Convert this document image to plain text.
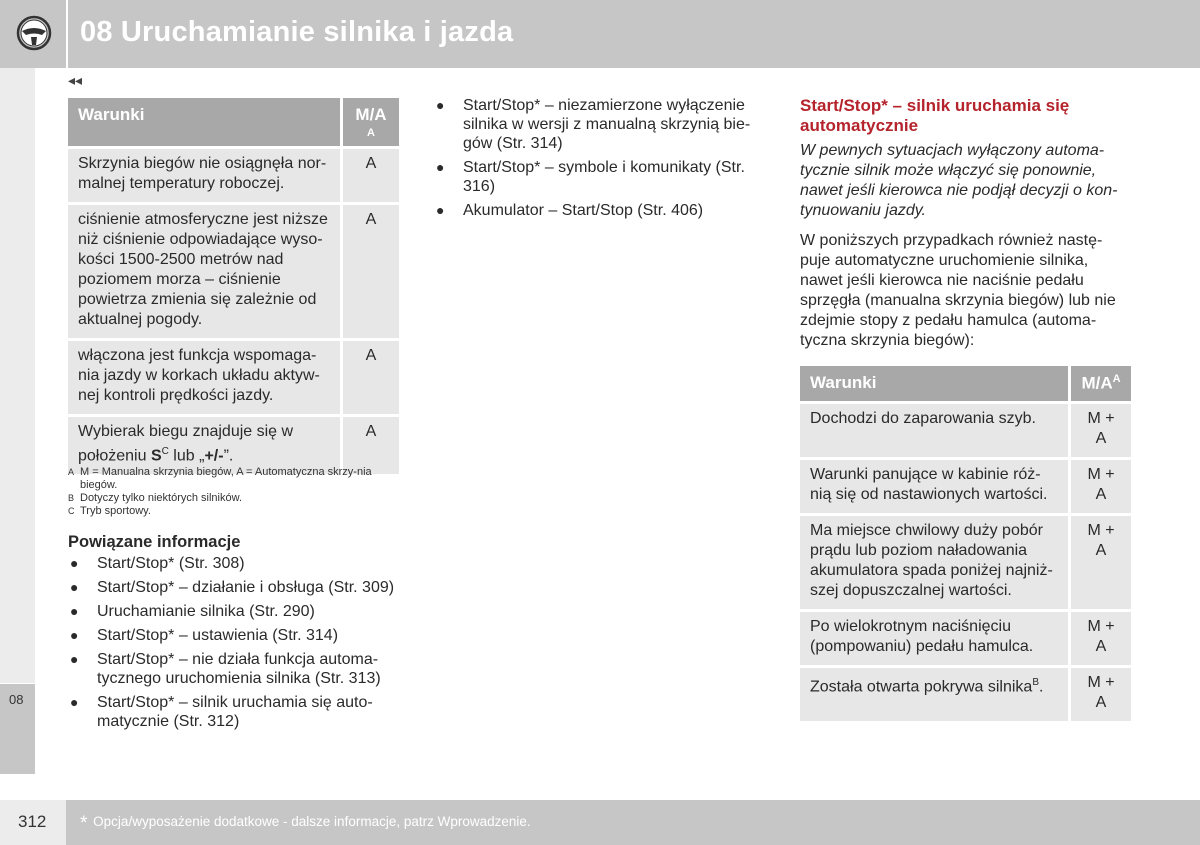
08 Uruchamianie silnika i jazda
◂◂
08
Warunki	M/A
A

Skrzynia biegów nie osiągnęła nor-malnej temperatury roboczej.	A
ciśnienie atmosferyczne jest niższe niż ciśnienie odpowiadające wyso-kości 1500-2500 metrów nad poziomem morza – ciśnienie powietrza zmienia się zależnie od aktualnej pogody.	A
włączona jest funkcja wspomaga-nia jazdy w korkach układu aktyw-nej kontroli prędkości jazdy.	A
Wybierak biegu znajduje się w położeniu $S^C$ lub „+/-”.	A
A M = Manualna skrzynia biegów, A = Automatyczna skrzy-nia biegów.
B Dotyczy tylko niektórych silników.
C Tryb sportowy.
Powiązane informacje
● Start/Stop* (Str. 308)
● Start/Stop* – działanie i obsługa (Str. 309)
● Uruchamianie silnika (Str. 290)
● Start/Stop* – ustawienia (Str. 314)
● Start/Stop* – nie działa funkcja automa-tycznego uruchomienia silnika (Str. 313)
● Start/Stop* – silnik uruchamia się auto-matycznie (Str. 312)
● Start/Stop* – niezamierzone wyłączenie silnika w wersji z manualną skrzynią bie-gów (Str. 314)
● Start/Stop* – symbole i komunikaty (Str. 316)
● Akumulator – Start/Stop (Str. 406)
Start/Stop* – silnik uruchamia się automatycznie

W pewnych sytuacjach wyłączony automa-tycznie silnik może włączyć się ponownie, nawet jeśli kierowca nie podjął decyzji o kon-tynuowaniu jazdy.

W poniższych przypadkach również nastę-puje automatyczne uruchomienie silnika, nawet jeśli kierowca nie naciśnie pedału sprzęgła (manualna skrzynia biegów) lub nie zdejmie stopy z pedału hamulca (automa-tyczna skrzynia biegów):

Warunki	$M/A^A$
Dochodzi do zaparowania szyb.	M + A
Warunki panujące w kabinie róż-nią się od nastawionych wartości.	M + A
Ma miejsce chwilowy duży pobór prądu lub poziom naładowania akumulatora spada poniżej najniż-szej dopuszczalnej wartości.	M + A
Po wielokrotnym naciśnięciu (pompowaniu) pedału hamulca.	M + A
Została otwarta pokrywa silnika$^B$.	M + A
312 * Opcja/wyposażenie dodatkowe - dalsze informacje, patrz Wprowadzenie.
